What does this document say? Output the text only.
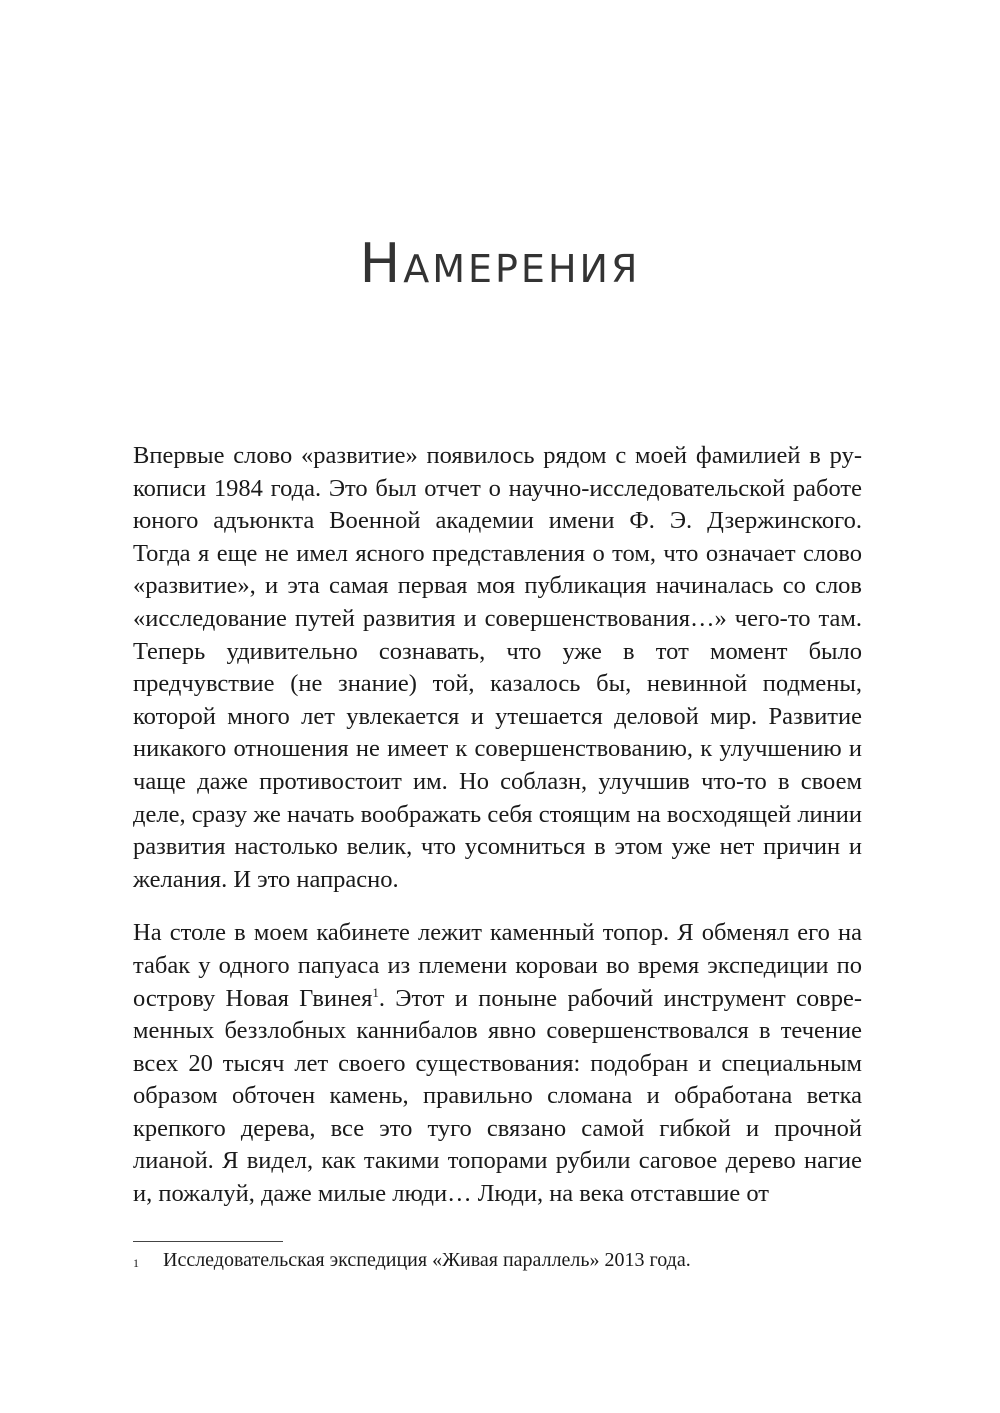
Намерения

Впервые слово «развитие» появилось рядом с моей фамилией в рукописи 1984 года. Это был отчет о научно-исследовательской работе юного адъюнкта Военной академии имени Ф. Э. Дзержинского. Тогда я еще не имел ясного представления о том, что означает слово «развитие», и эта самая первая моя публикация начиналась со слов «исследование путей развития и совершенствования…» чего-то там. Теперь удивительно сознавать, что уже в тот момент было предчувствие (не знание) той, казалось бы, невинной подмены, которой много лет увлекается и утешается деловой мир. Развитие никакого отношения не имеет к совершенствованию, к улучшению и чаще даже противостоит им. Но соблазн, улучшив что-то в своем деле, сразу же начать воображать себя стоящим на восходящей линии развития настолько велик, что усомниться в этом уже нет причин и желания. И это напрасно.

На столе в моем кабинете лежит каменный топор. Я обменял его на табак у одного папуаса из племени короваи во время экспедиции по острову Новая Гвинея$^1$. Этот и поныне рабочий инструмент современных беззлобных каннибалов явно совершенствовался в течение всех 20 тысяч лет своего существования: подобран и специальным образом обточен камень, правильно сломана и обработана ветка крепкого дерева, все это туго связано самой гибкой и прочной лианой. Я видел, как такими топорами рубили саговое дерево нагие и, пожалуй, даже милые люди… Люди, на века отставшие от

1 Исследовательская экспедиция «Живая параллель» 2013 года.
